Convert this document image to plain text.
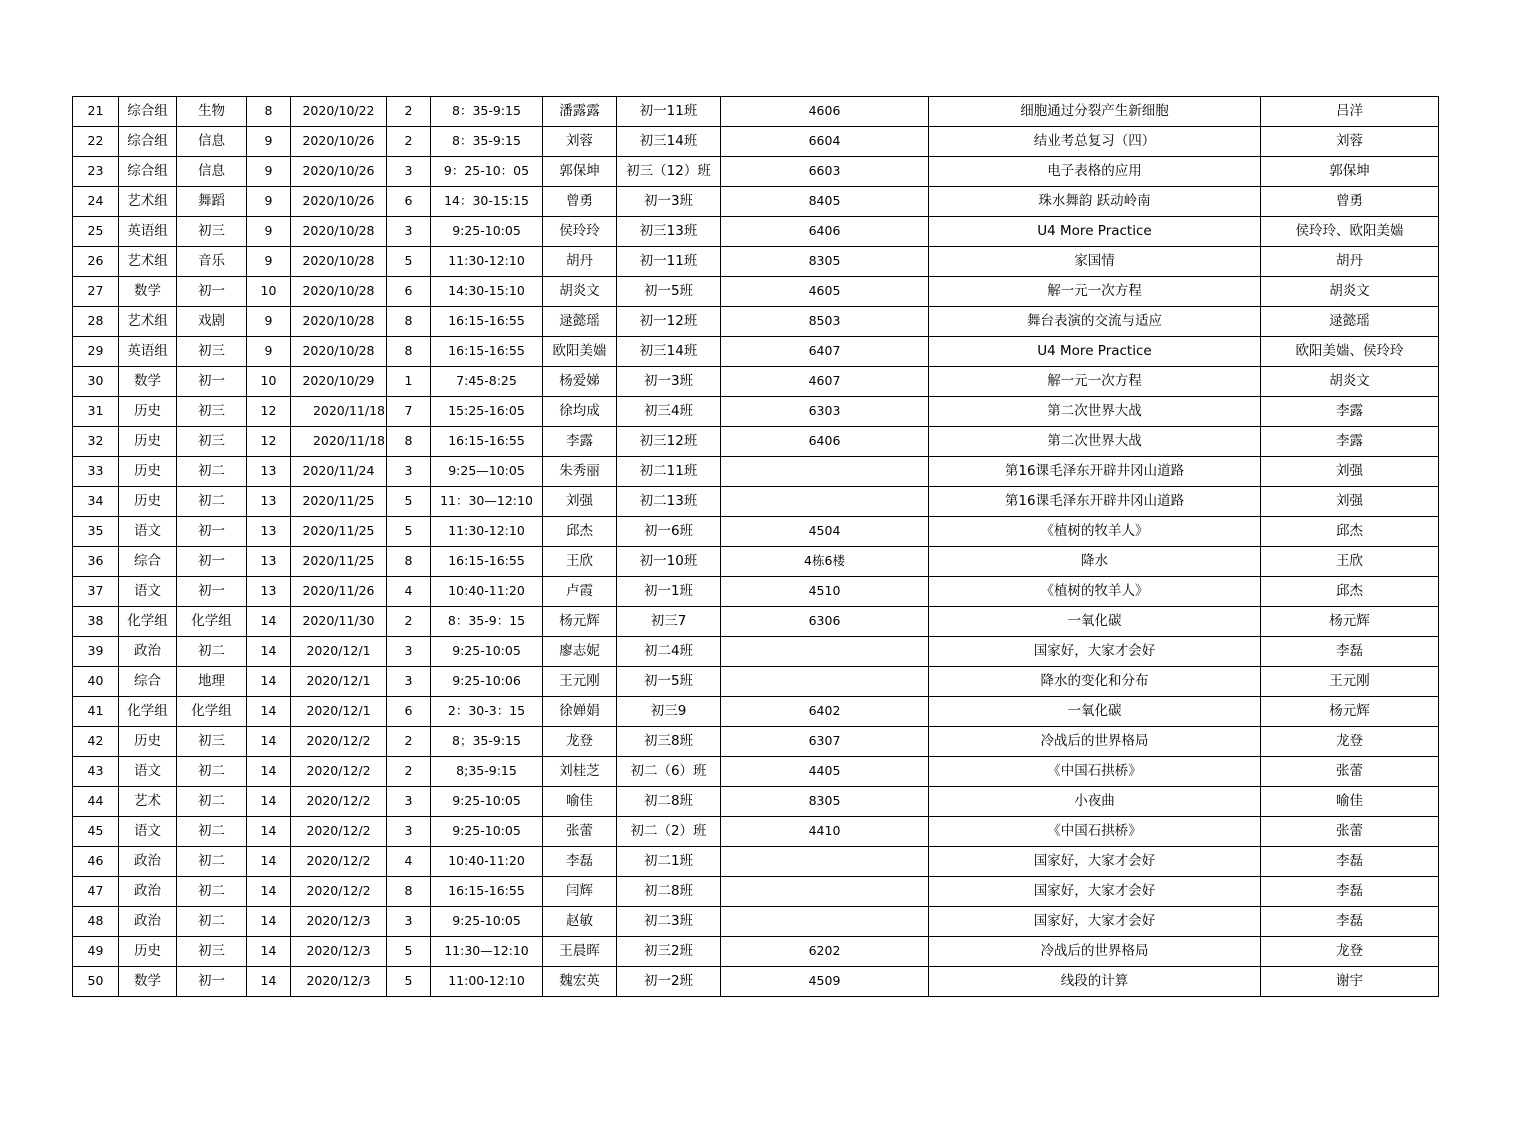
21	综合组	生物	8	2020/10/22	2	8：35-9:15	潘露露	初一11班	4606	细胞通过分裂产生新细胞	吕洋
22	综合组	信息	9	2020/10/26	2	8：35-9:15	刘蓉	初三14班	6604	结业考总复习（四）	刘蓉
23	综合组	信息	9	2020/10/26	3	9：25-10：05	郭保坤	初三（12）班	6603	电子表格的应用	郭保坤
24	艺术组	舞蹈	9	2020/10/26	6	14：30-15:15	曾勇	初一3班	8405	珠水舞韵 跃动岭南	曾勇
25	英语组	初三	9	2020/10/28	3	9:25-10:05	侯玲玲	初三13班	6406	U4 More Practice	侯玲玲、欧阳美媏
26	艺术组	音乐	9	2020/10/28	5	11:30-12:10	胡丹	初一11班	8305	家国情	胡丹
27	数学	初一	10	2020/10/28	6	14:30-15:10	胡炎文	初一5班	4605	解一元一次方程	胡炎文
28	艺术组	戏剧	9	2020/10/28	8	16:15-16:55	逯懿瑶	初一12班	8503	舞台表演的交流与适应	逯懿瑶
29	英语组	初三	9	2020/10/28	8	16:15-16:55	欧阳美媏	初三14班	6407	U4 More Practice	欧阳美媏、侯玲玲
30	数学	初一	10	2020/10/29	1	7:45-8:25	杨爱娣	初一3班	4607	解一元一次方程	胡炎文
31	历史	初三	12	2020/11/18	7	15:25-16:05	徐均成	初三4班	6303	第二次世界大战	李露
32	历史	初三	12	2020/11/18	8	16:15-16:55	李露	初三12班	6406	第二次世界大战	李露
33	历史	初二	13	2020/11/24	3	9:25—10:05	朱秀丽	初二11班		第16课毛泽东开辟井冈山道路	刘强
34	历史	初二	13	2020/11/25	5	11：30—12:10	刘强	初二13班		第16课毛泽东开辟井冈山道路	刘强
35	语文	初一	13	2020/11/25	5	11:30-12:10	邱杰	初一6班	4504	《植树的牧羊人》	邱杰
36	综合	初一	13	2020/11/25	8	16:15-16:55	王欣	初一10班	4栋6楼	降水	王欣
37	语文	初一	13	2020/11/26	4	10:40-11:20	卢霞	初一1班	4510	《植树的牧羊人》	邱杰
38	化学组	化学组	14	2020/11/30	2	8：35-9：15	杨元辉	初三7	6306	一氧化碳	杨元辉
39	政治	初二	14	2020/12/1	3	9:25-10:05	廖志妮	初二4班		国家好，大家才会好	李磊
40	综合	地理	14	2020/12/1	3	9:25-10:06	王元刚	初一5班		降水的变化和分布	王元刚
41	化学组	化学组	14	2020/12/1	6	2：30-3：15	徐婵娟	初三9	6402	一氧化碳	杨元辉
42	历史	初三	14	2020/12/2	2	8；35-9:15	龙登	初三8班	6307	冷战后的世界格局	龙登
43	语文	初二	14	2020/12/2	2	8;35-9:15	刘桂芝	初二（6）班	4405	《中国石拱桥》	张蕾
44	艺术	初二	14	2020/12/2	3	9:25-10:05	喻佳	初二8班	8305	小夜曲	喻佳
45	语文	初二	14	2020/12/2	3	9:25-10:05	张蕾	初二（2）班	4410	《中国石拱桥》	张蕾
46	政治	初二	14	2020/12/2	4	10:40-11:20	李磊	初二1班		国家好，大家才会好	李磊
47	政治	初二	14	2020/12/2	8	16:15-16:55	闫辉	初二8班		国家好，大家才会好	李磊
48	政治	初二	14	2020/12/3	3	9:25-10:05	赵敏	初二3班		国家好，大家才会好	李磊
49	历史	初三	14	2020/12/3	5	11:30—12:10	王晨晖	初三2班	6202	冷战后的世界格局	龙登
50	数学	初一	14	2020/12/3	5	11:00-12:10	魏宏英	初一2班	4509	线段的计算	谢宇
